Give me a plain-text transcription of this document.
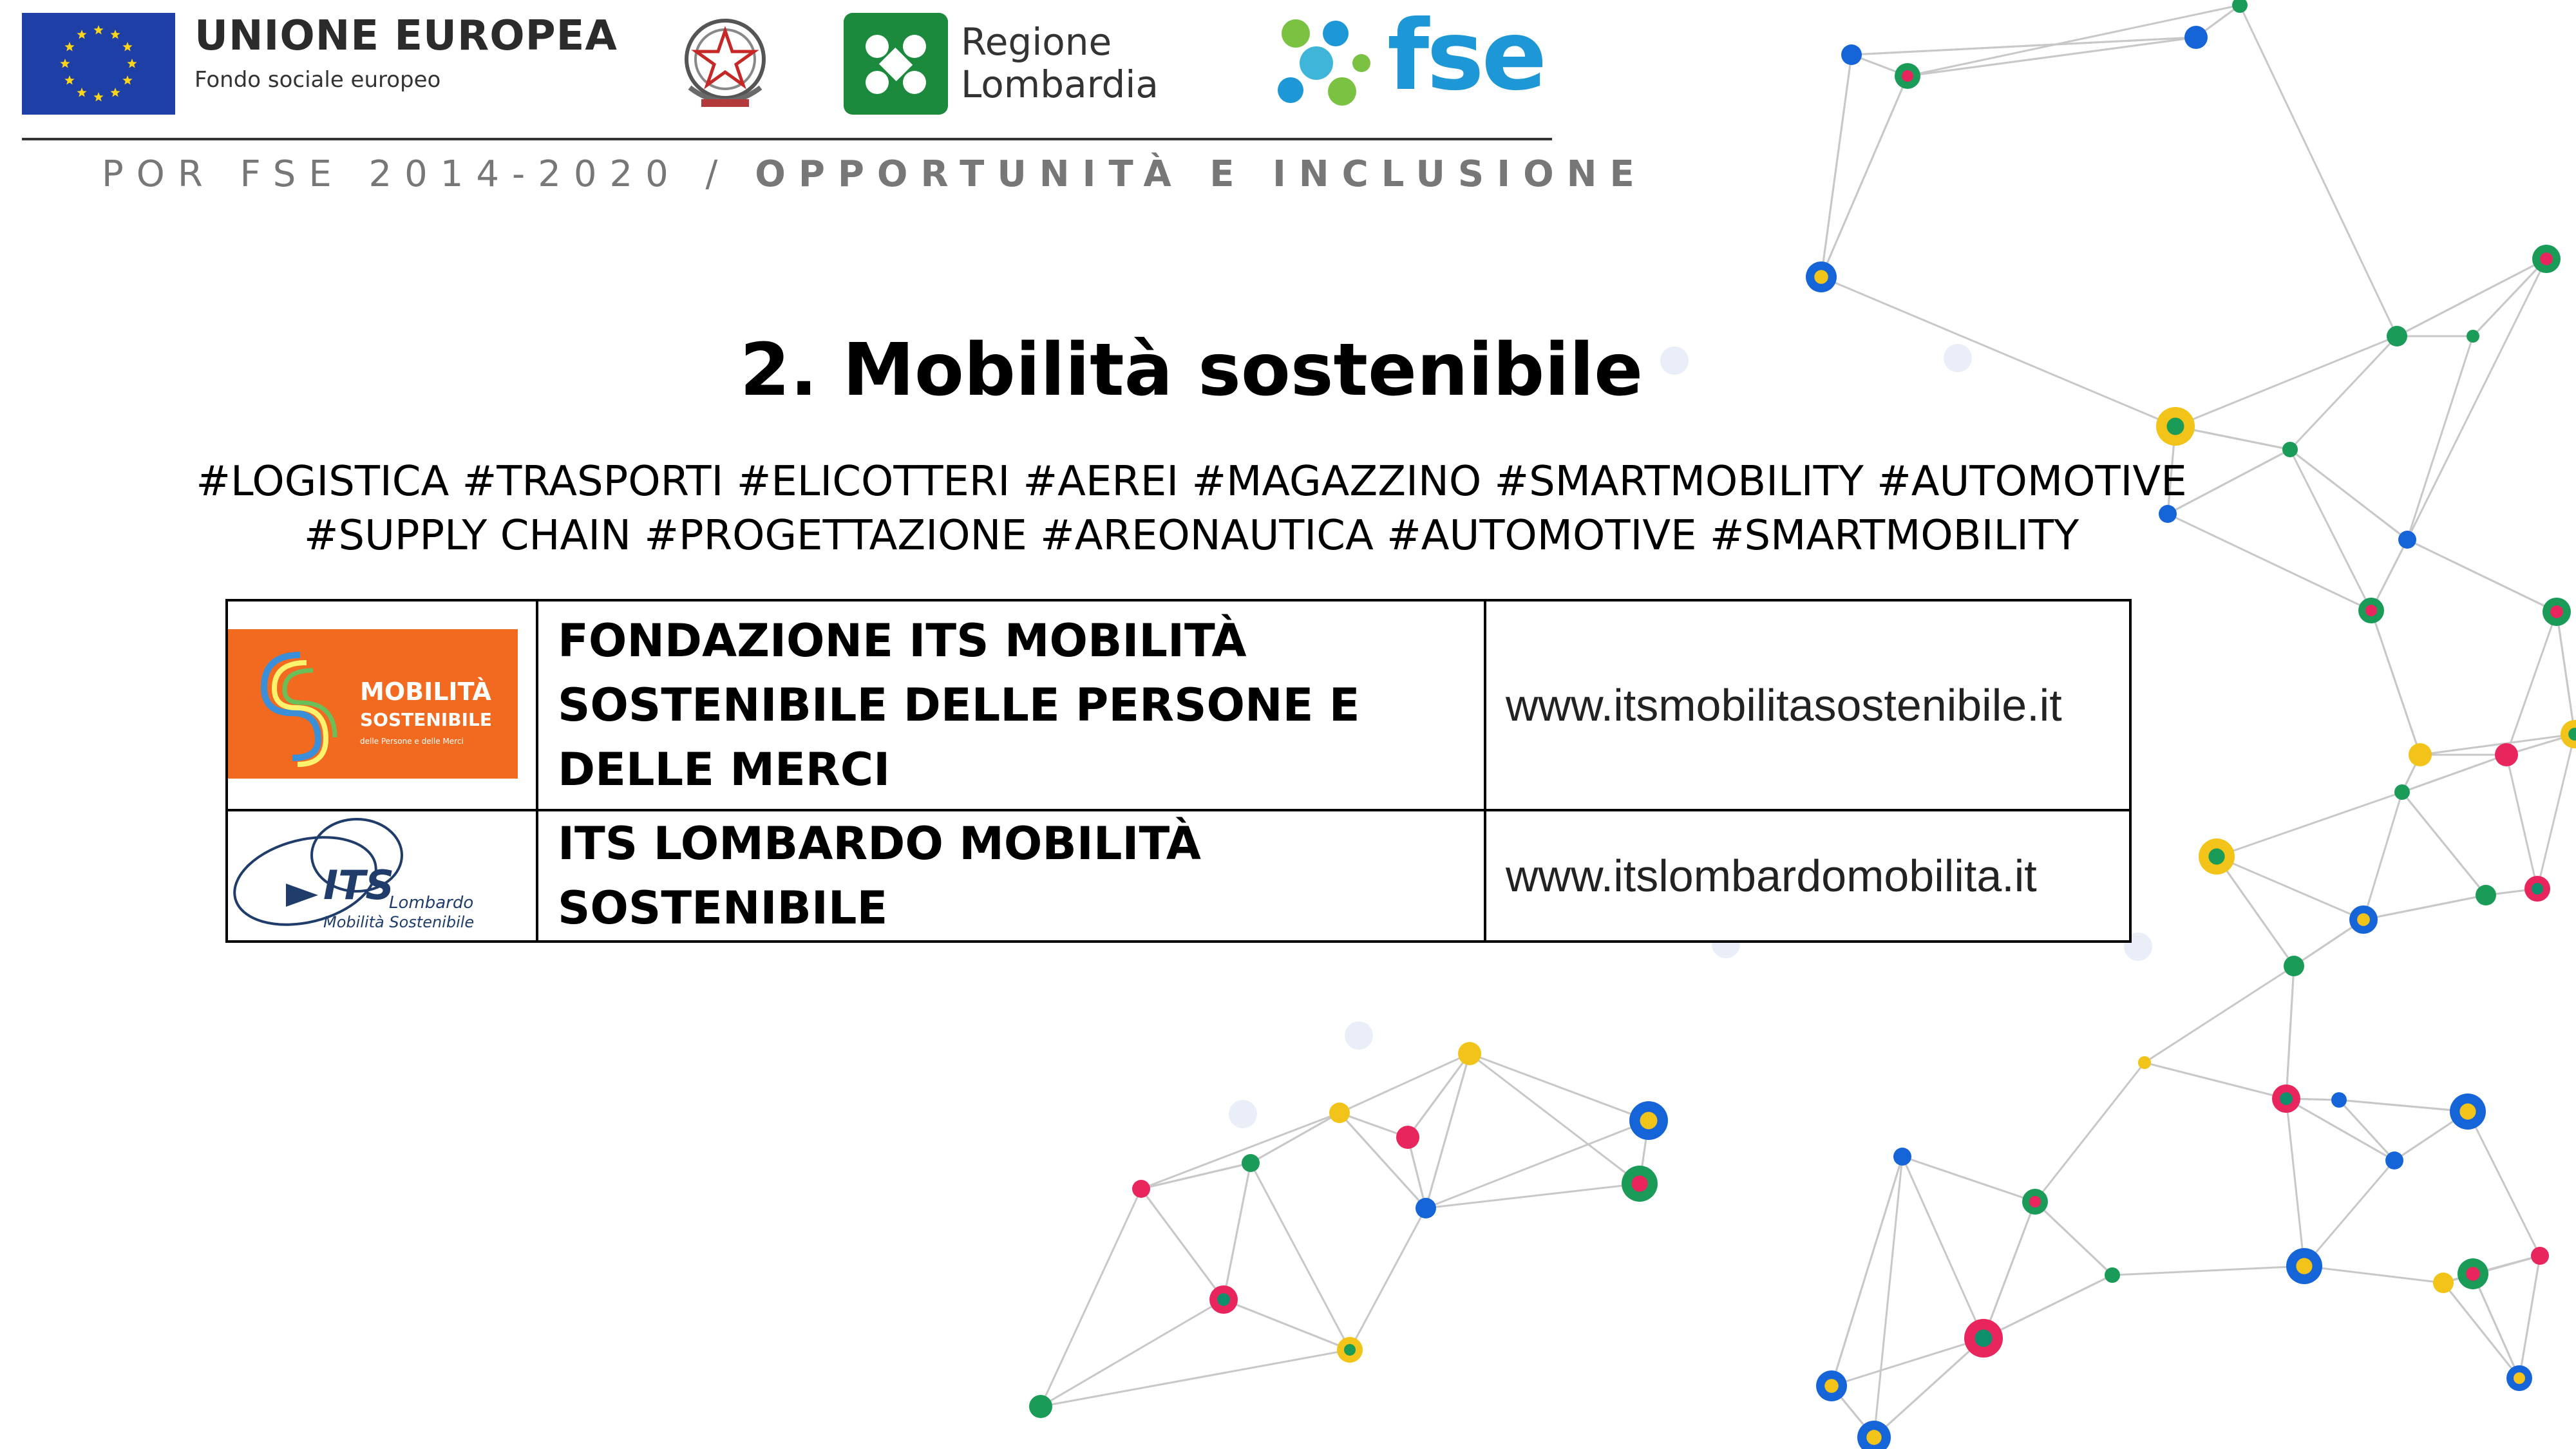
UNIONE EUROPEA
Fondo sociale europeo
Regione
Lombardia fse
POR FSE 2014-2020 / OPPORTUNITÀ E INCLUSIONE
2. Mobilità sostenibile
#LOGISTICA #TRASPORTI #ELICOTTERI #AEREI #MAGAZZINO #SMARTMOBILITY #AUTOMOTIVE
#SUPPLY CHAIN #PROGETTAZIONE #AREONAUTICA #AUTOMOTIVE #SMARTMOBILITY
MOBILITÀ
SOSTENIBILE
delle Persone e delle Merci	FONDAZIONE ITS MOBILITÀ SOSTENIBILE DELLE PERSONE E DELLE MERCI	www.itsmobilitasostenibile.it

ITS
Lombardo
Mobilità Sostenibile	ITS LOMBARDO MOBILITÀ SOSTENIBILE	www.itslombardomobilita.it
